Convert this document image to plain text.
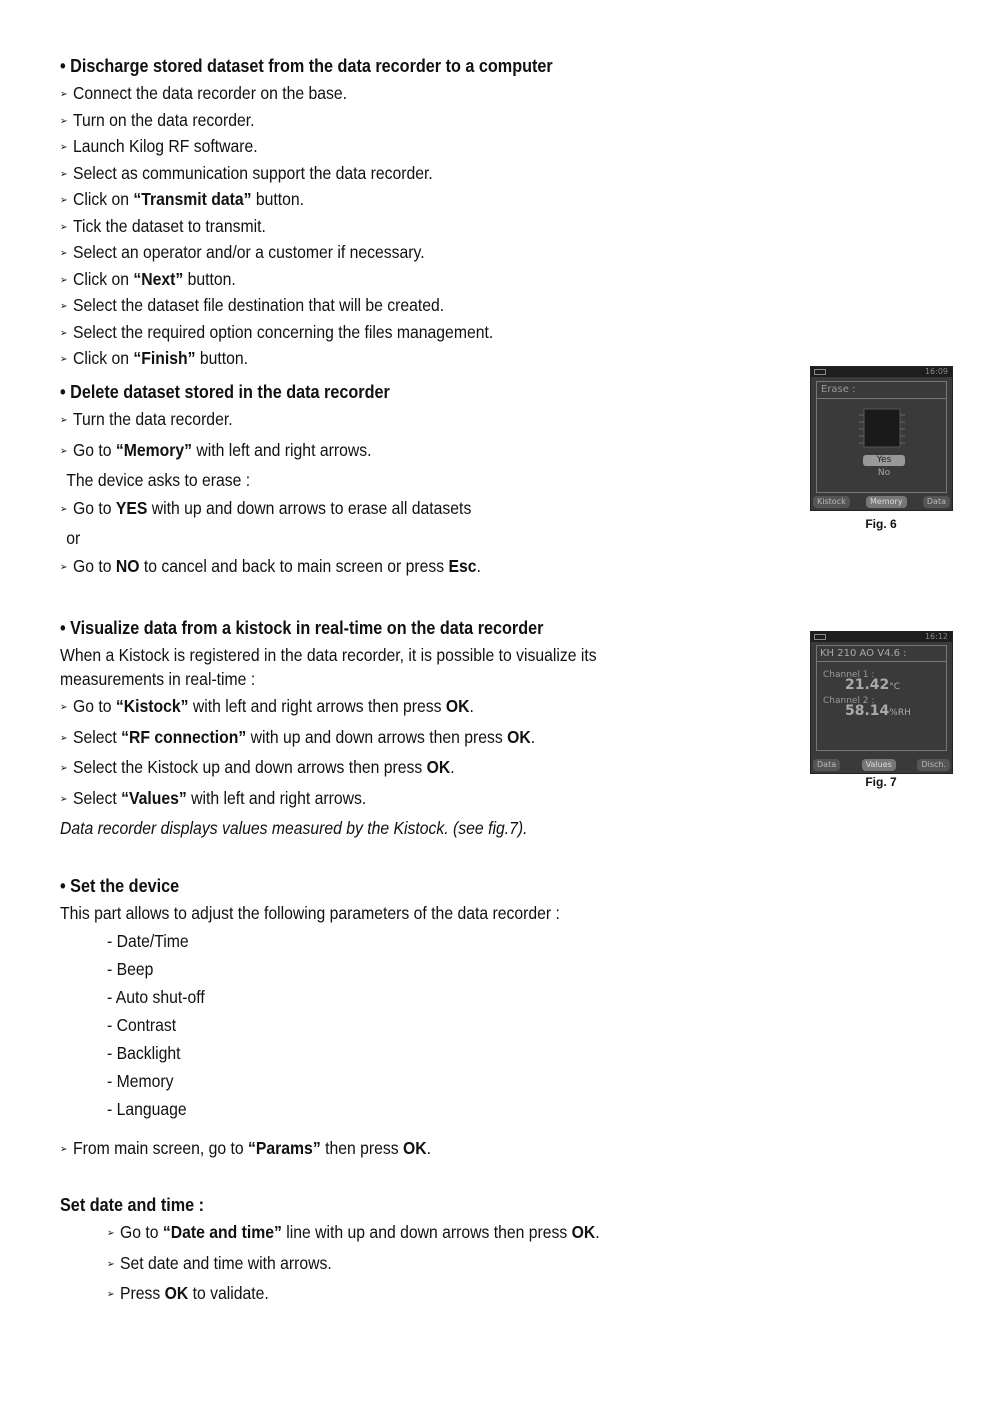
• Discharge stored dataset from the data recorder to a computer
➢ Connect the data recorder on the base.
➢ Turn on the data recorder.
➢ Launch Kilog RF software.
➢ Select as communication support the data recorder.
➢ Click on “Transmit data” button.
➢ Tick the dataset to transmit.
➢ Select an operator and/or a customer if necessary.
➢ Click on “Next” button.
➢ Select the dataset file destination that will be created.
➢ Select the required option concerning the files management.
➢ Click on “Finish” button.
• Delete dataset stored in the data recorder
➢ Turn the data recorder.
➢ Go to “Memory” with left and right arrows.
The device asks to erase :
➢ Go to YES with up and down arrows to erase all datasets
or
➢ Go to NO to cancel and back to main screen or press Esc.
16:09
Erase :
Yes
No
Kistock	Memory	Data
Fig. 6
• Visualize data from a kistock in real-time on the data recorder
When a Kistock is registered in the data recorder, it is possible to visualize its
measurements in real-time :
➢ Go to “Kistock” with left and right arrows then press OK.
➢ Select “RF connection” with up and down arrows then press OK.
➢ Select the Kistock up and down arrows then press OK.
➢ Select “Values” with left and right arrows.
Data recorder displays values measured by the Kistock. (see fig.7).
16:12
KH 210 AO V4.6 :
Channel 1 :
21.42°C
Channel 2 :
58.14%RH
Data	Values	Disch.
Fig. 7
• Set the device
This part allows to adjust the following parameters of the data recorder :
- Date/Time
- Beep
- Auto shut-off
- Contrast
- Backlight
- Memory
- Language
➢ From main screen, go to “Params” then press OK.
Set date and time :
➢ Go to “Date and time” line with up and down arrows then press OK.
➢ Set date and time with arrows.
➢ Press OK to validate.
